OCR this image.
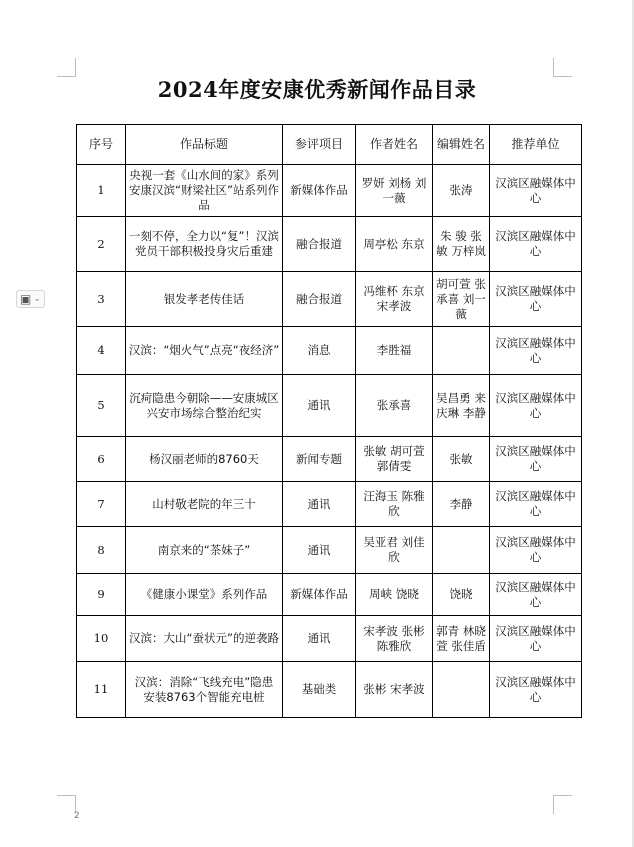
▣ ⌄
2024年度安康优秀新闻作品目录
序号	作品标题	参评项目	作者姓名	编辑姓名	推荐单位
1	央视一套《山水间的家》系列安康汉滨“财梁社区”站系列作品	新媒体作品	罗妍 刘杨 刘一薇	张涛	汉滨区融媒体中心
2	一刻不停，全力以“复”！汉滨党员干部积极投身灾后重建	融合报道	周亭松 东京	朱 骏 张 敏 万梓岚	汉滨区融媒体中心
3	银发孝老传佳话	融合报道	冯维杯 东京 宋孝波	胡可萱 张承喜 刘一薇	汉滨区融媒体中心
4	汉滨：“烟火气”点亮“夜经济”	消息	李胜福		汉滨区融媒体中心
5	沉疴隐患今朝除——安康城区兴安市场综合整治纪实	通讯	张承喜	吴昌勇 来庆琳 李静	汉滨区融媒体中心
6	杨汉丽老师的8760天	新闻专题	张敏 胡可萱 郭倩雯	张敏	汉滨区融媒体中心
7	山村敬老院的年三十	通讯	汪海玉 陈雅欣	李静	汉滨区融媒体中心
8	南京来的“茶妹子”	通讯	吴亚君 刘佳欣		汉滨区融媒体中心
9	《健康小课堂》系列作品	新媒体作品	周峡 饶晓	饶晓	汉滨区融媒体中心
10	汉滨：大山“蚕状元”的逆袭路	通讯	宋孝波 张彬 陈雅欣	郭青 林晓萱 张佳盾	汉滨区融媒体中心
11	汉滨：消除“飞线充电”隐患 安装8763个智能充电桩	基础类	张彬 宋孝波		汉滨区融媒体中心
2
